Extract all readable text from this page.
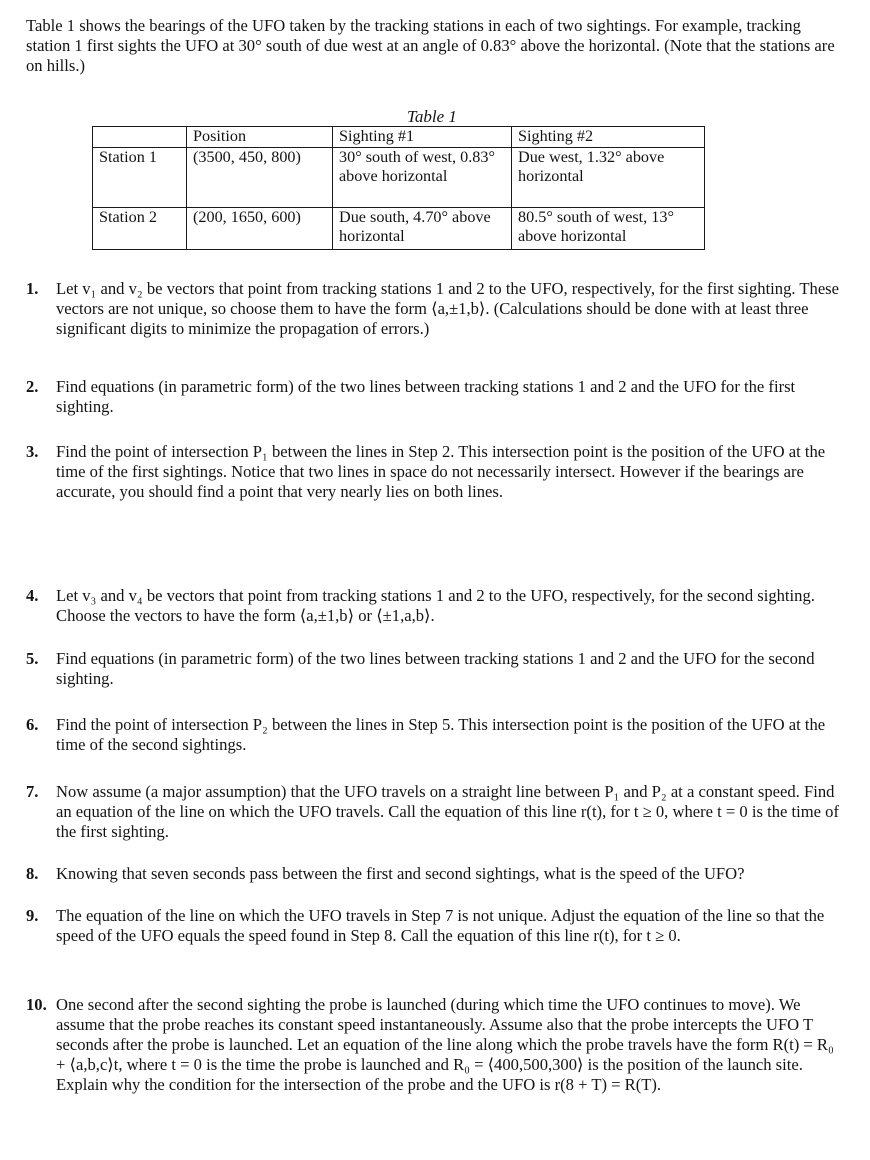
Table 1 shows the bearings of the UFO taken by the tracking stations in each of two sightings. For example, tracking station 1 first sights the UFO at 30° south of due west at an angle of 0.83° above the horizontal. (Note that the stations are on hills.)
Table 1
	Position	Sighting #1	Sighting #2
Station 1	(3500, 450, 800)	30° south of west, 0.83° above horizontal	Due west, 1.32° above horizontal
Station 2	(200, 1650, 600)	Due south, 4.70° above horizontal	80.5° south of west, 13° above horizontal
1. Let v₁ and v₂ be vectors that point from tracking stations 1 and 2 to the UFO, respectively, for the first sighting. These vectors are not unique, so choose them to have the form ⟨a,±1,b⟩. (Calculations should be done with at least three significant digits to minimize the propagation of errors.)
2. Find equations (in parametric form) of the two lines between tracking stations 1 and 2 and the UFO for the first sighting.
3. Find the point of intersection P₁ between the lines in Step 2. This intersection point is the position of the UFO at the time of the first sightings. Notice that two lines in space do not necessarily intersect. However if the bearings are accurate, you should find a point that very nearly lies on both lines.
4. Let v₃ and v₄ be vectors that point from tracking stations 1 and 2 to the UFO, respectively, for the second sighting. Choose the vectors to have the form ⟨a,±1,b⟩ or ⟨±1,a,b⟩.
5. Find equations (in parametric form) of the two lines between tracking stations 1 and 2 and the UFO for the second sighting.
6. Find the point of intersection P₂ between the lines in Step 5. This intersection point is the position of the UFO at the time of the second sightings.
7. Now assume (a major assumption) that the UFO travels on a straight line between P₁ and P₂ at a constant speed. Find an equation of the line on which the UFO travels. Call the equation of this line r(t), for t ≥ 0, where t = 0 is the time of the first sighting.
8. Knowing that seven seconds pass between the first and second sightings, what is the speed of the UFO?
9. The equation of the line on which the UFO travels in Step 7 is not unique. Adjust the equation of the line so that the speed of the UFO equals the speed found in Step 8. Call the equation of this line r(t), for t ≥ 0.
10. One second after the second sighting the probe is launched (during which time the UFO continues to move). We assume that the probe reaches its constant speed instantaneously. Assume also that the probe intercepts the UFO T seconds after the probe is launched. Let an equation of the line along which the probe travels have the form R(t) = R₀ + ⟨a,b,c⟩t, where t = 0 is the time the probe is launched and R₀ = ⟨400,500,300⟩ is the position of the launch site. Explain why the condition for the intersection of the probe and the UFO is r(8 + T) = R(T).
